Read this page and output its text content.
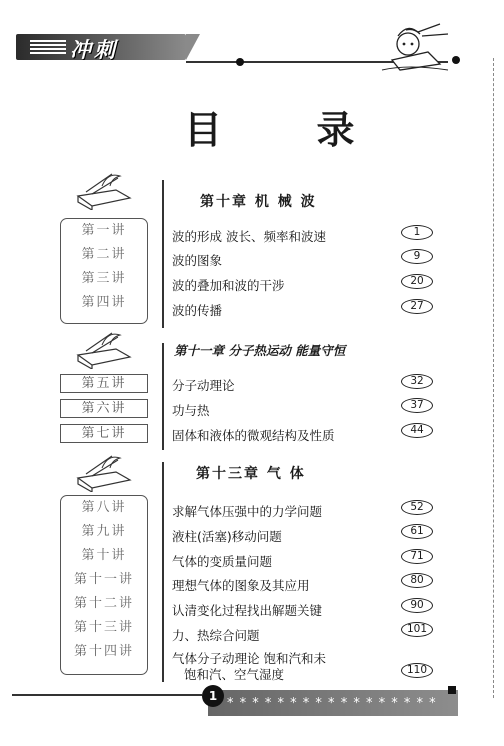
冲刺
目 录
第十章 机 械 波
第一讲
第二讲
第三讲
第四讲
波的形成 波长、频率和波速	1
波的图象	9
波的叠加和波的干涉	20
波的传播	27
第十一章 分子热运动 能量守恒
第五讲
第六讲
第七讲
分子动理论	32
功与热	37
固体和液体的微观结构及性质	44
第十三章 气 体
第八讲
第九讲
第十讲
第十一讲
第十二讲
第十三讲
第十四讲
求解气体压强中的力学问题	52
液柱(活塞)移动问题	61
气体的变质量问题	71
理想气体的图象及其应用	80
认清变化过程找出解题关键	90
力、热综合问题	101
气体分子动理论 饱和汽和未
饱和汽、空气湿度	110
* * * * * * * * * * * * * * * * *
1
